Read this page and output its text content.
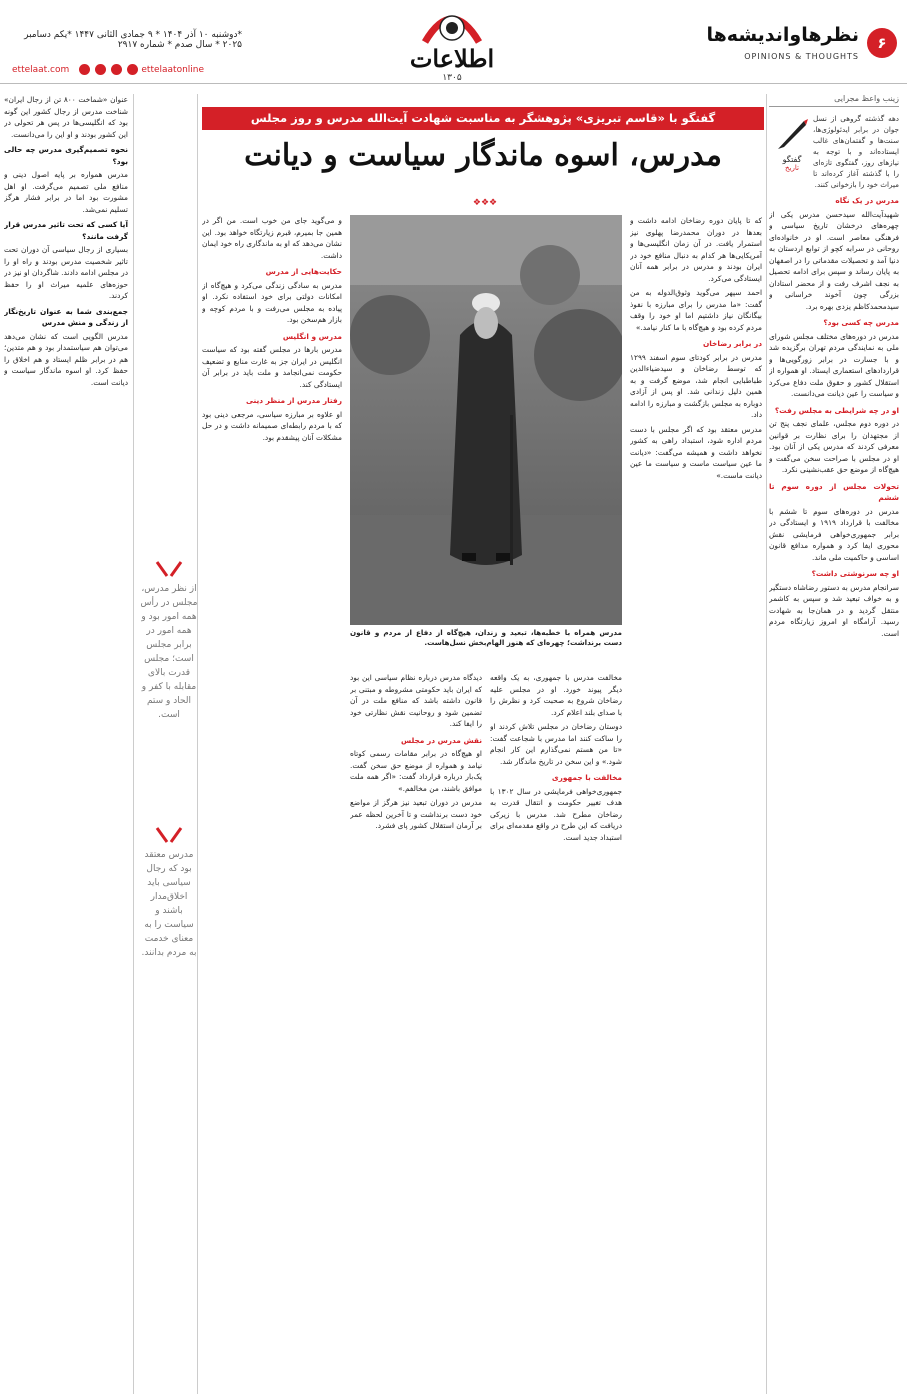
۶
نظرهاواندیشه‌ها
OPINIONS & THOUGHTS
اطلاعات
۱۳۰۵
*دوشنبه ۱۰ آذر ۱۴۰۴ * ۹ جمادی الثانی ۱۴۴۷ *یکم دسامبر ۲۰۲۵ * سال صدم * شماره ۲۹۱۷
ettelaat.com	ettelaatonline
زینب واعظ مجرایی
دهه‌ گذشته گروهی از نسل جوان در برابر ایدئولوژی‌ها، سنت‌ها و گفتمان‌های غالب ایستاده‌اند و با توجه به نیازهای روز، گفتگوی تازه‌ای را با گذشته آغاز کرده‌اند تا میراث خود را بازخوانی کنند.
گفتگو
تاریخ
مدرس در یک نگاه

شهیدآیت‌الله سیدحسن مدرس یکی از چهره‌های درخشان تاریخ سیاسی و فرهنگی معاصر است. او در خانواده‌ای روحانی در سرابه کچو از توابع اردستان به دنیا آمد و تحصیلات مقدماتی را در اصفهان به پایان رساند و سپس برای ادامه تحصیل به نجف اشرف رفت و از محضر استادان بزرگی چون آخوند خراسانی و سیدمحمدکاظم یزدی بهره برد.

مدرس چه کسی بود؟

مدرس در دوره‌های مختلف مجلس شورای ملی به نمایندگی مردم تهران برگزیده شد و با جسارت در برابر زورگویی‌ها و قراردادهای استعماری ایستاد. او همواره از استقلال کشور و حقوق ملت دفاع می‌کرد و سیاست را عین دیانت می‌دانست.

او در چه شرایطی به مجلس رفت؟

در دوره دوم مجلس، علمای نجف پنج تن از مجتهدان را برای نظارت بر قوانین معرفی کردند که مدرس یکی از آنان بود. او در مجلس با صراحت سخن می‌گفت و هیچ‌گاه از موضع حق عقب‌نشینی نکرد.

تحولات مجلس از دوره سوم تا ششم

مدرس در دوره‌های سوم تا ششم با مخالفت با قرارداد ۱۹۱۹ و ایستادگی در برابر جمهوری‌خواهی فرمایشی نقش محوری ایفا کرد و همواره مدافع قانون اساسی و حاکمیت ملی ماند.

او چه سرنوشتی داشت؟

سرانجام مدرس به دستور رضاشاه دستگیر و به خواف تبعید شد و سپس به کاشمر منتقل گردید و در همان‌جا به شهادت رسید. آرامگاه او امروز زیارتگاه مردم است.

گفتگو با «قاسم تبریزی» پژوهشگر به مناسبت شهادت آیت‌الله مدرس و روز مجلس
مدرس، اسوه ماندگار سیاست و دیانت
❖❖❖

که تا پایان دوره رضاخان ادامه داشت و بعدها در دوران محمدرضا پهلوی نیز استمرار یافت. در آن زمان انگلیسی‌ها و آمریکایی‌ها هر کدام به دنبال منافع خود در ایران بودند و مدرس در برابر همه آنان ایستادگی می‌کرد.

احمد سپهر می‌گوید وثوق‌الدوله به من گفت: «ما مدرس را برای مبارزه با نفوذ بیگانگان نیاز داشتیم اما او خود را وقف مردم کرده بود و هیچ‌گاه با ما کنار نیامد.»

در برابر رضاخان

مدرس در برابر کودتای سوم اسفند ۱۲۹۹ که توسط رضاخان و سیدضیاءالدین طباطبایی انجام شد، موضع گرفت و به همین دلیل زندانی شد. او پس از آزادی دوباره به مجلس بازگشت و مبارزه را ادامه داد.

مدرس معتقد بود که اگر مجلس با دست مردم اداره شود، استبداد راهی به کشور نخواهد داشت و همیشه می‌گفت: «دیانت ما عین سیاست ماست و سیاست ما عین دیانت ماست.»

مدرس همراه با خطبه‌ها، تبعید و زندان، هیچ‌گاه از دفاع از مردم و قانون دست برنداشت؛ چهره‌ای که هنوز الهام‌بخش نسل‌هاست.

مخالفت مدرس با جمهوری، به یک واقعه دیگر پیوند خورد. او در مجلس علیه رضاخان شروع به صحبت کرد و نظرش را با صدای بلند اعلام کرد.

دوستان رضاخان در مجلس تلاش کردند او را ساکت کنند اما مدرس با شجاعت گفت: «تا من هستم نمی‌گذارم این کار انجام شود.» و این سخن در تاریخ ماندگار شد.

مخالفت با جمهوری

جمهوری‌خواهی فرمایشی در سال ۱۳۰۲ با هدف تغییر حکومت و انتقال قدرت به رضاخان مطرح شد. مدرس با زیرکی دریافت که این طرح در واقع مقدمه‌ای برای استبداد جدید است.

دیدگاه مدرس درباره نظام سیاسی این بود که ایران باید حکومتی مشروطه و مبتنی بر قانون داشته باشد که منافع ملت در آن تضمین شود و روحانیت نقش نظارتی خود را ایفا کند.

نقش مدرس در مجلس

او هیچ‌گاه در برابر مقامات رسمی کوتاه نیامد و همواره از موضع حق سخن گفت. یک‌بار درباره قرارداد گفت: «اگر همه ملت موافق باشند، من مخالفم.»

مدرس در دوران تبعید نیز هرگز از مواضع خود دست برنداشت و تا آخرین لحظه عمر بر آرمان استقلال کشور پای فشرد.

و می‌گوید جای من خوب است. من اگر در همین جا بمیرم، قبرم زیارتگاه خواهد بود. این نشان می‌دهد که او به ماندگاری راه خود ایمان داشت.

حکایت‌هایی از مدرس

مدرس به سادگی زندگی می‌کرد و هیچ‌گاه از امکانات دولتی برای خود استفاده نکرد. او پیاده به مجلس می‌رفت و با مردم کوچه و بازار هم‌سخن بود.

مدرس و انگلیس

مدرس بارها در مجلس گفته بود که سیاست انگلیس در ایران جز به غارت منابع و تضعیف حکومت نمی‌انجامد و ملت باید در برابر آن ایستادگی کند.

رفتار مدرس از منظر دینی

او علاوه بر مبارزه سیاسی، مرجعی دینی بود که با مردم رابطه‌ای صمیمانه داشت و در حل مشکلات آنان پیشقدم بود.

از نظر مدرس، مجلس در رأس همه امور بود و همه امور در برابر مجلس است؛ مجلس قدرت بالای مقابله با کفر و الحاد و ستم است.
مدرس معتقد بود که رجال سیاسی باید اخلاق‌مدار باشند و سیاست را به معنای خدمت به مردم بدانند.

عنوان «شماخت ۸۰۰ تن از رجال ایران» شناخت مدرس از رجال کشور این گونه بود که انگلیسی‌ها در پس هر تحولی در این کشور بودند و او این را می‌دانست.

نحوه تصمیم‌گیری مدرس چه حالی بود؟

مدرس همواره بر پایه اصول دینی و منافع ملی تصمیم می‌گرفت. او اهل مشورت بود اما در برابر فشار هرگز تسلیم نمی‌شد.

آیا کسی که تحت تاثیر مدرس قرار گرفت مانند؟

بسیاری از رجال سیاسی آن دوران تحت تاثیر شخصیت مدرس بودند و راه او را در مجلس ادامه دادند. شاگردان او نیز در حوزه‌های علمیه میراث او را حفظ کردند.

جمع‌بندی شما به عنوان تاریخ‌نگار از زندگی و منش مدرس

مدرس الگویی است که نشان می‌دهد می‌توان هم سیاستمدار بود و هم متدین؛ هم در برابر ظلم ایستاد و هم اخلاق را حفظ کرد. او اسوه ماندگار سیاست و دیانت است.
